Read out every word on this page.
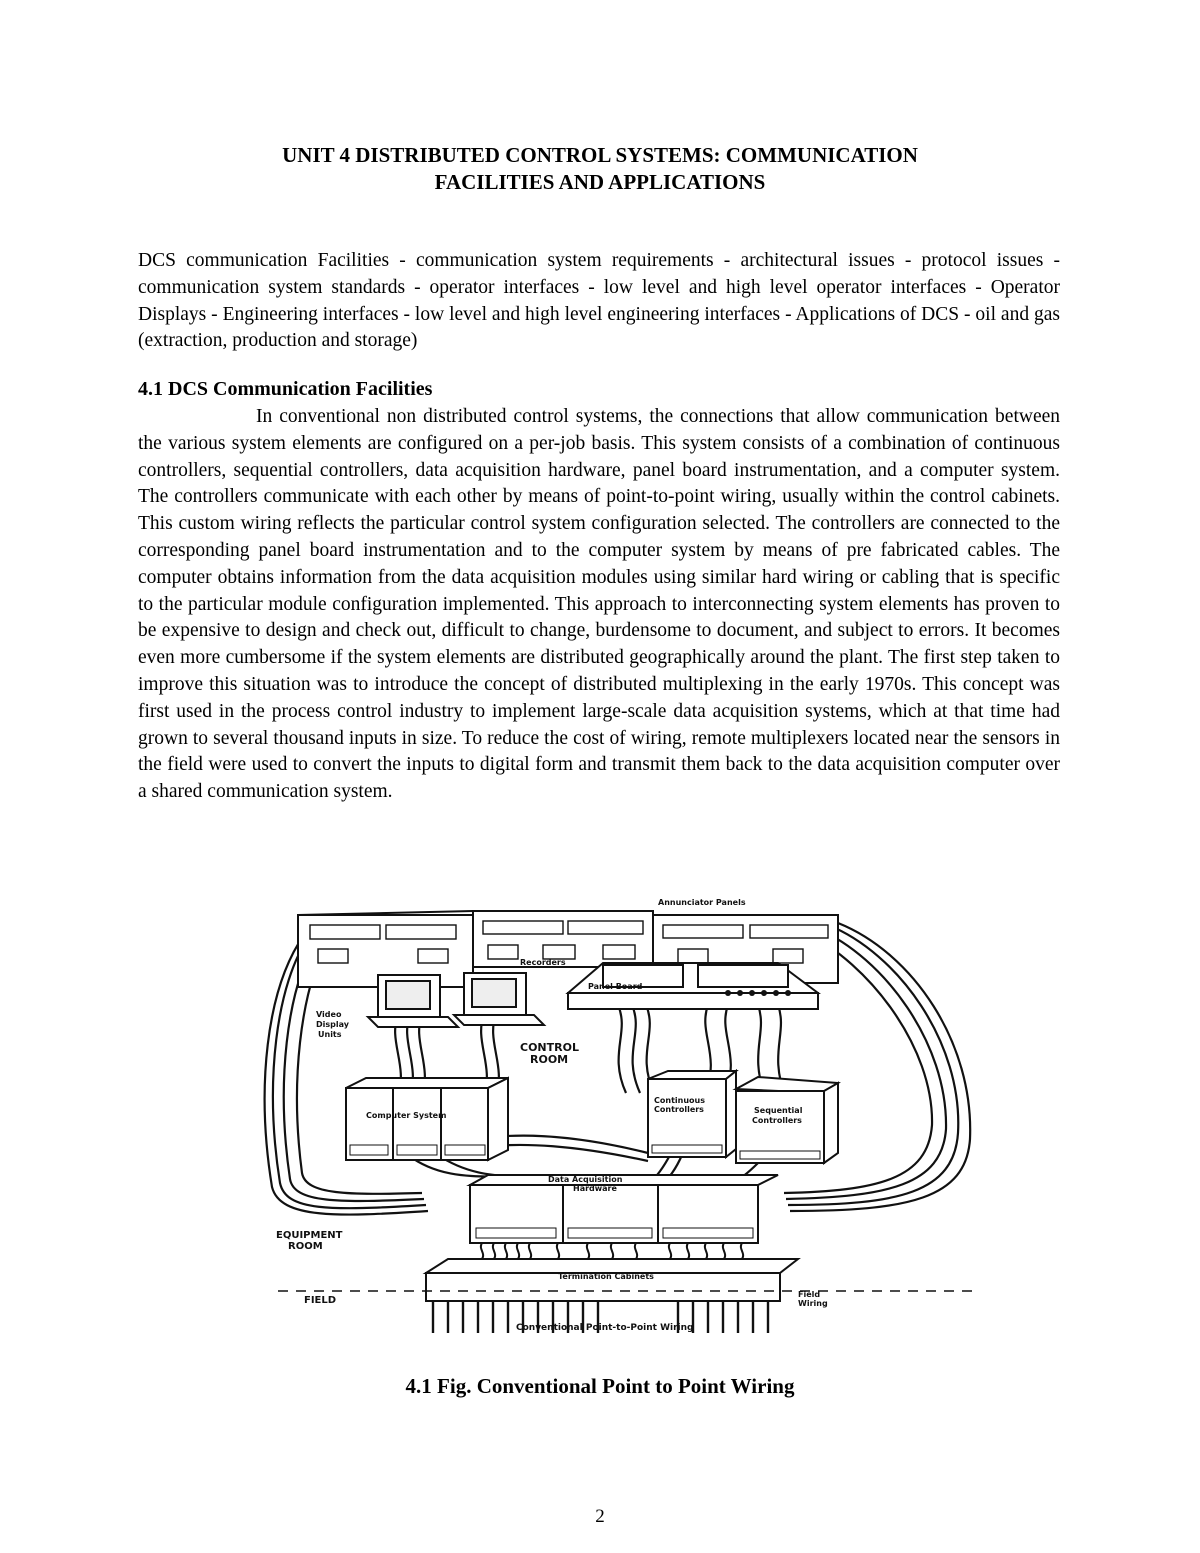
UNIT 4 DISTRIBUTED CONTROL SYSTEMS: COMMUNICATION
FACILITIES AND APPLICATIONS
DCS communication Facilities - communication system requirements - architectural issues - protocol issues - communication system standards - operator interfaces - low level and high level operator interfaces - Operator Displays - Engineering interfaces - low level and high level engineering interfaces - Applications of DCS - oil and gas (extraction, production and storage)
4.1 DCS Communication Facilities
In conventional non distributed control systems, the connections that allow communication between the various system elements are configured on a per-job basis. This system consists of a combination of continuous controllers, sequential controllers, data acquisition hardware, panel board instrumentation, and a computer system. The controllers communicate with each other by means of point-to-point wiring, usually within the control cabinets. This custom wiring reflects the particular control system configuration selected. The controllers are connected to the corresponding panel board instrumentation and to the computer system by means of pre fabricated cables. The computer obtains information from the data acquisition modules using similar hard wiring or cabling that is specific to the particular module configuration implemented. This approach to interconnecting system elements has proven to be expensive to design and check out, difficult to change, burdensome to document, and subject to errors. It becomes even more cumbersome if the system elements are distributed geographically around the plant. The first step taken to improve this situation was to introduce the concept of distributed multiplexing in the early 1970s. This concept was first used in the process control industry to implement large-scale data acquisition systems, which at that time had grown to several thousand inputs in size. To reduce the cost of wiring, remote multiplexers located near the sensors in the field were used to convert the inputs to digital form and transmit them back to the data acquisition computer over a shared communication system.
Annunciator Panels
Recorders
Video
Display
Units
Panel Board
CONTROL
ROOM
Computer System
Continuous
Controllers	Sequential
Controllers
Data Acquisition
Hardware
EQUIPMENT
ROOM
Termination Cabinets
FIELD
Field
Wiring
Conventional Point-to-Point Wiring
4.1 Fig. Conventional Point to Point Wiring
2
